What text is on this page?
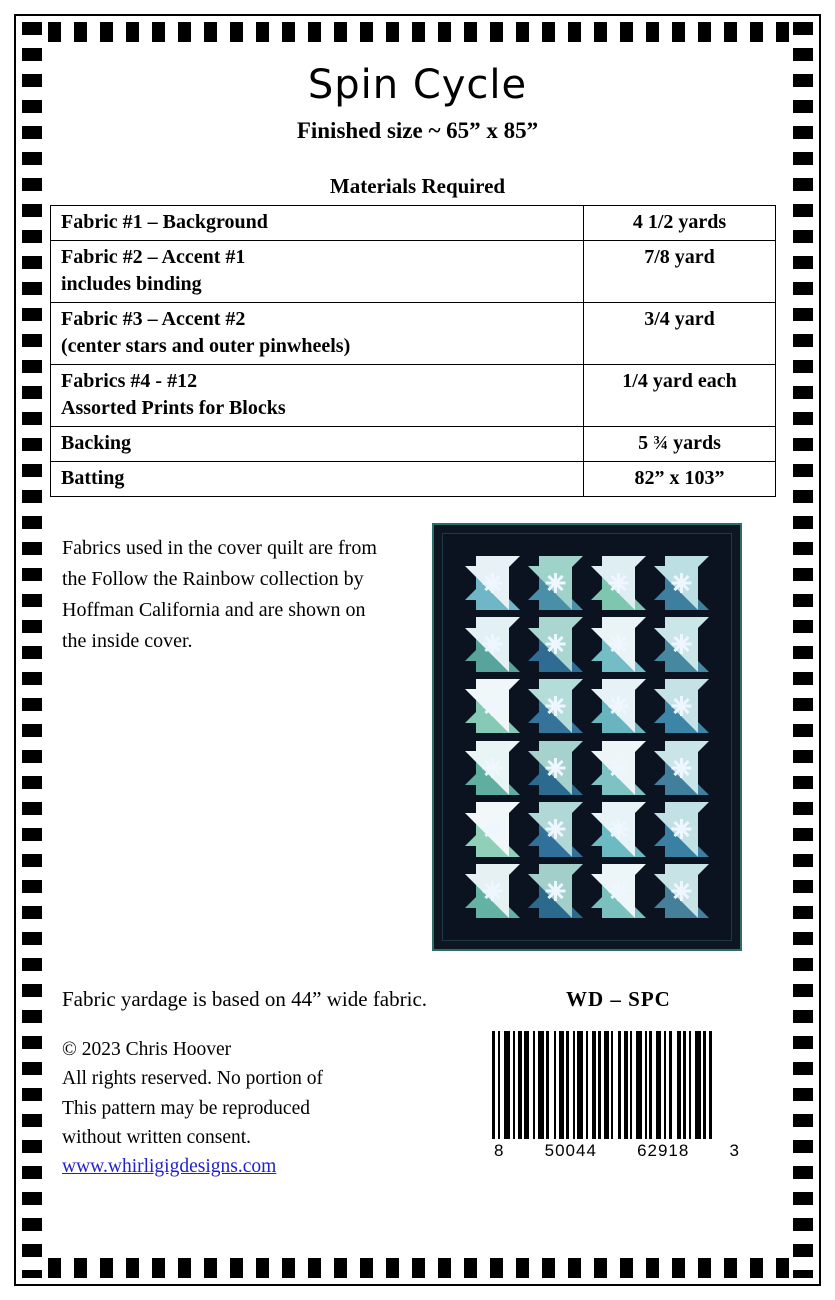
Spin Cycle
Finished size ~ 65” x 85”
Materials Required
Fabric #1 – Background	4 1/2 yards
Fabric #2 – Accent #1
includes binding	7/8 yard
Fabric #3 – Accent #2
(center stars and outer pinwheels)	3/4 yard
Fabrics #4 - #12
Assorted Prints for Blocks	1/4 yard each
Backing	5 ¾ yards
Batting	82” x 103”
Fabrics used in the cover quilt are from the Follow the Rainbow collection by Hoffman California and are shown on the inside cover.
Fabric yardage is based on 44” wide fabric.	WD – SPC
© 2023 Chris Hoover
All rights reserved. No portion of
This pattern may be reproduced
without written consent.
www.whirligigdesigns.com
8 50044 62918 3
